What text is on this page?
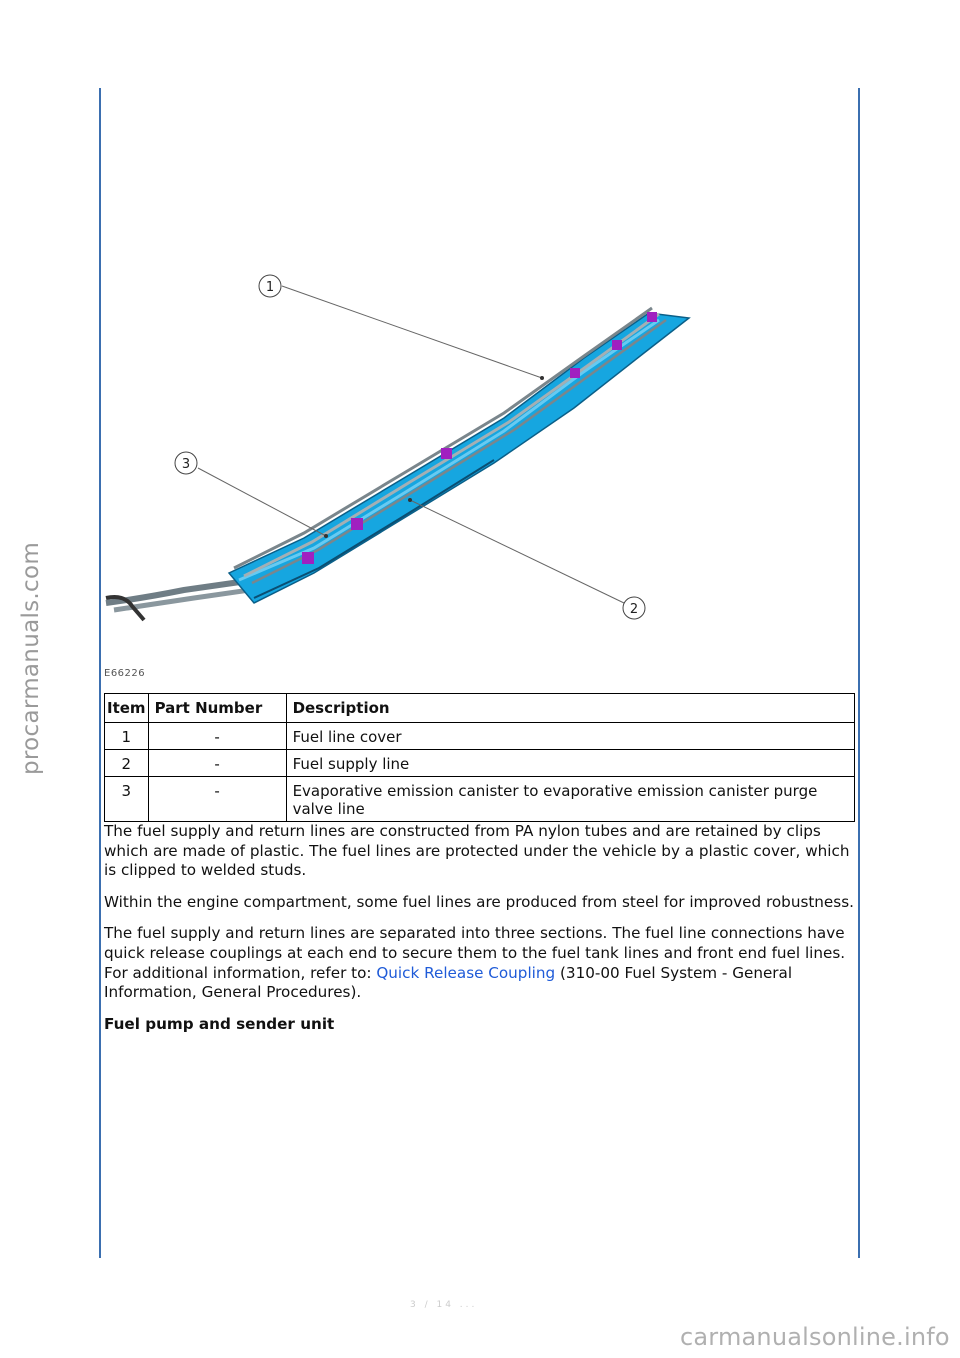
procarmanuals.com
1
3
2
E66226
Item	Part Number	Description
1	-	Fuel line cover
2	-	Fuel supply line
3	-	Evaporative emission canister to evaporative emission canister purge valve line

The fuel supply and return lines are constructed from PA nylon tubes and are retained by clips which are made of plastic. The fuel lines are protected under the vehicle by a plastic cover, which is clipped to welded studs.

Within the engine compartment, some fuel lines are produced from steel for improved robustness.

The fuel supply and return lines are separated into three sections. The fuel line connections have quick release couplings at each end to secure them to the fuel tank lines and front end fuel lines.

For additional information, refer to: Quick Release Coupling (310-00 Fuel System - General Information, General Procedures).

Fuel pump and sender unit

3 / 14 ...
carmanualsonline.info
